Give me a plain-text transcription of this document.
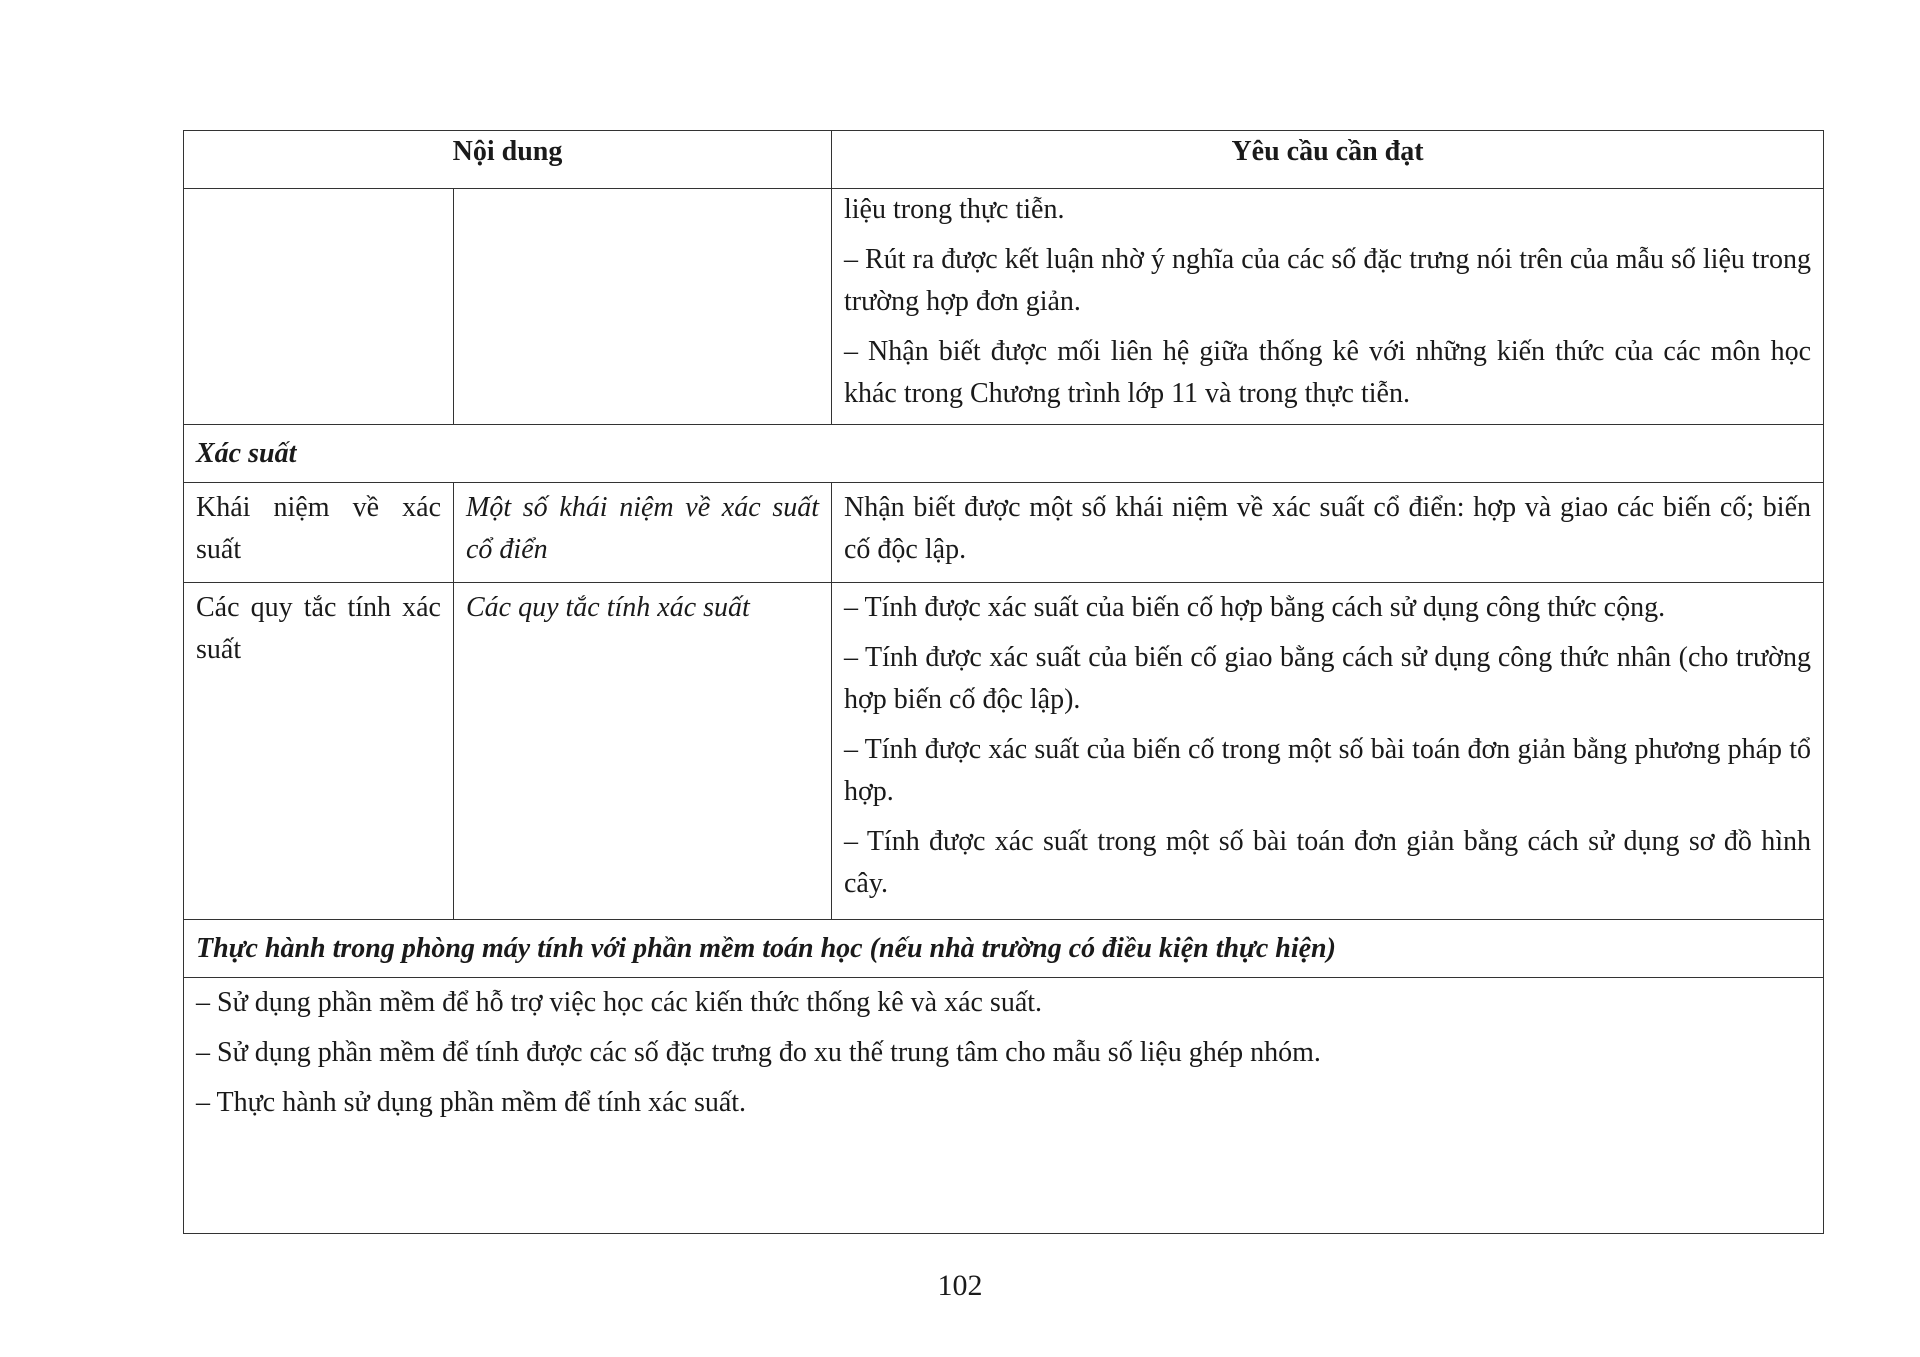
Nội dung		Yêu cầu cần đạt

		liệu trong thực tiễn.

– Rút ra được kết luận nhờ ý nghĩa của các số đặc trưng nói trên của mẫu số liệu trong trường hợp đơn giản.

– Nhận biết được mối liên hệ giữa thống kê với những kiến thức của các môn học khác trong Chương trình lớp 11 và trong thực tiễn.

Xác suất		
Khái niệm về xác suất	Một số khái niệm về xác suất cổ điển	Nhận biết được một số khái niệm về xác suất cổ điển: hợp và giao các biến cố; biến cố độc lập.
Các quy tắc tính xác suất	Các quy tắc tính xác suất	– Tính được xác suất của biến cố hợp bằng cách sử dụng công thức cộng.

– Tính được xác suất của biến cố giao bằng cách sử dụng công thức nhân (cho trường hợp biến cố độc lập).

– Tính được xác suất của biến cố trong một số bài toán đơn giản bằng phương pháp tổ hợp.

– Tính được xác suất trong một số bài toán đơn giản bằng cách sử dụng sơ đồ hình cây.

Thực hành trong phòng máy tính với phần mềm toán học (nếu nhà trường có điều kiện thực hiện)		

– Sử dụng phần mềm để hỗ trợ việc học các kiến thức thống kê và xác suất.

– Sử dụng phần mềm để tính được các số đặc trưng đo xu thế trung tâm cho mẫu số liệu ghép nhóm.

– Thực hành sử dụng phần mềm để tính xác suất.		

102
